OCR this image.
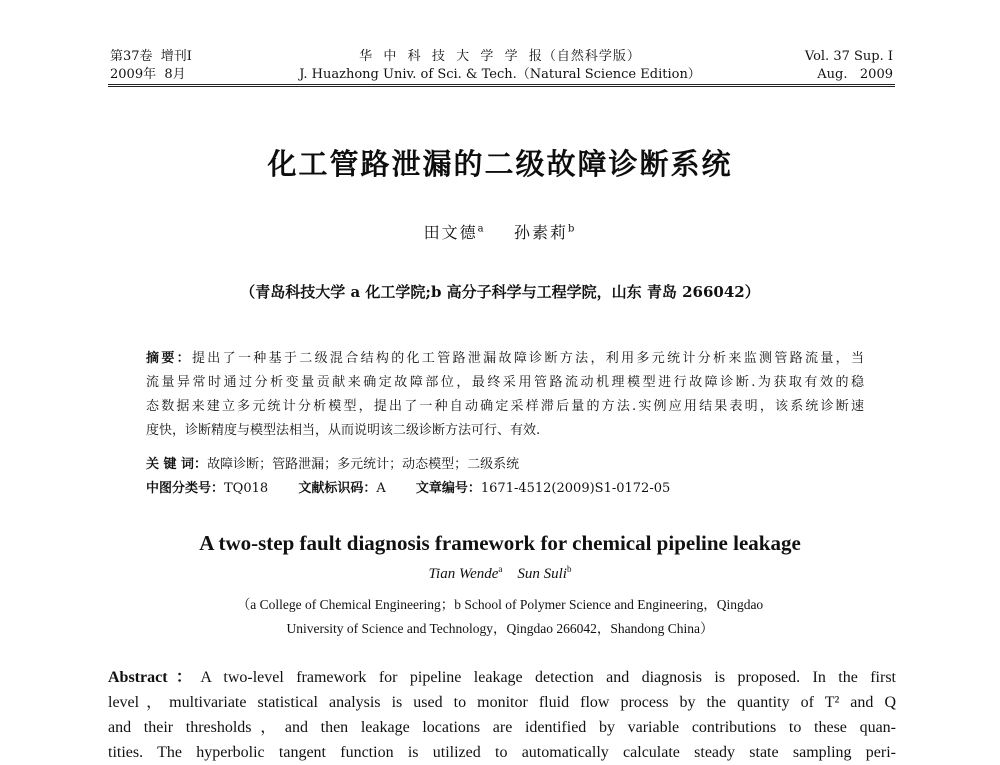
第37卷  增刊Ⅰ
2009年  8月
华  中  科  技  大  学  学  报（自然科学版）
J. Huazhong Univ. of Sci. & Tech.（Natural Science Edition）
Vol. 37 Sup. Ⅰ
Aug.   2009
化工管路泄漏的二级故障诊断系统
田文德$^a$ 孙素莉$^b$
（青岛科技大学 a 化工学院;b 高分子科学与工程学院，山东 青岛 266042）
摘要：提出了一种基于二级混合结构的化工管路泄漏故障诊断方法，利用多元统计分析来监测管路流量，当
流量异常时通过分析变量贡献来确定故障部位，最终采用管路流动机理模型进行故障诊断.为获取有效的稳
态数据来建立多元统计分析模型，提出了一种自动确定采样滞后量的方法.实例应用结果表明，该系统诊断速
度快，诊断精度与模型法相当，从而说明该二级诊断方法可行、有效.
关 键 词：故障诊断；管路泄漏；多元统计；动态模型；二级系统
中图分类号：TQ018 文献标识码：A 文章编号：1671-4512(2009)S1-0172-05
A two-step fault diagnosis framework for chemical pipeline leakage
Tian Wende$^a$ Sun Suli$^b$
（a College of Chemical Engineering；b School of Polymer Science and Engineering，Qingdao
University of Science and Technology，Qingdao 266042，Shandong China）
Abstract：A two-level framework for pipeline leakage detection and diagnosis is proposed. In the first
level，multivariate statistical analysis is used to monitor fluid flow process by the quantity of T² and Q
and their thresholds，and then leakage locations are identified by variable contributions to these quan-
tities. The hyperbolic tangent function is utilized to automatically calculate steady state sampling peri-
